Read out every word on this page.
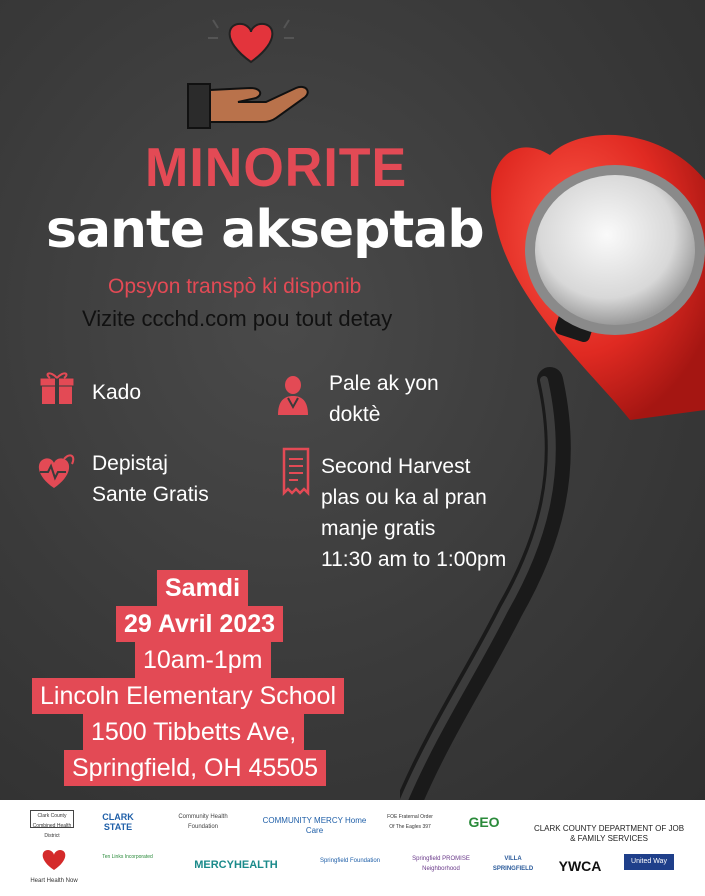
MINORITE
sante akseptab
Opsyon transpò ki disponib
Vizite ccchd.com pou tout detay
Kado	Pale ak yon
doktè
Depistaj
Sante Gratis
Second Harvest
plas ou ka al pran
manje gratis
11:30 am to 1:00pm
Samdi
29 Avril 2023
10am-1pm
Lincoln Elementary School
1500 Tibbetts Ave,
Springfield, OH 45505
Clark County Combined Health District
CLARK STATE
Community Health Foundation
COMMUNITY MERCY Home Care
FOE Fraternal Order Of The Eagles 397	GEO	CLARK COUNTY DEPARTMENT OF JOB & FAMILY SERVICES
Heart Health Now
Ten Links Incorporated
MERCYHEALTH	Springfield Foundation	Springfield PROMISE Neighborhood
VILLA SPRINGFIELD	YWCA	United Way
